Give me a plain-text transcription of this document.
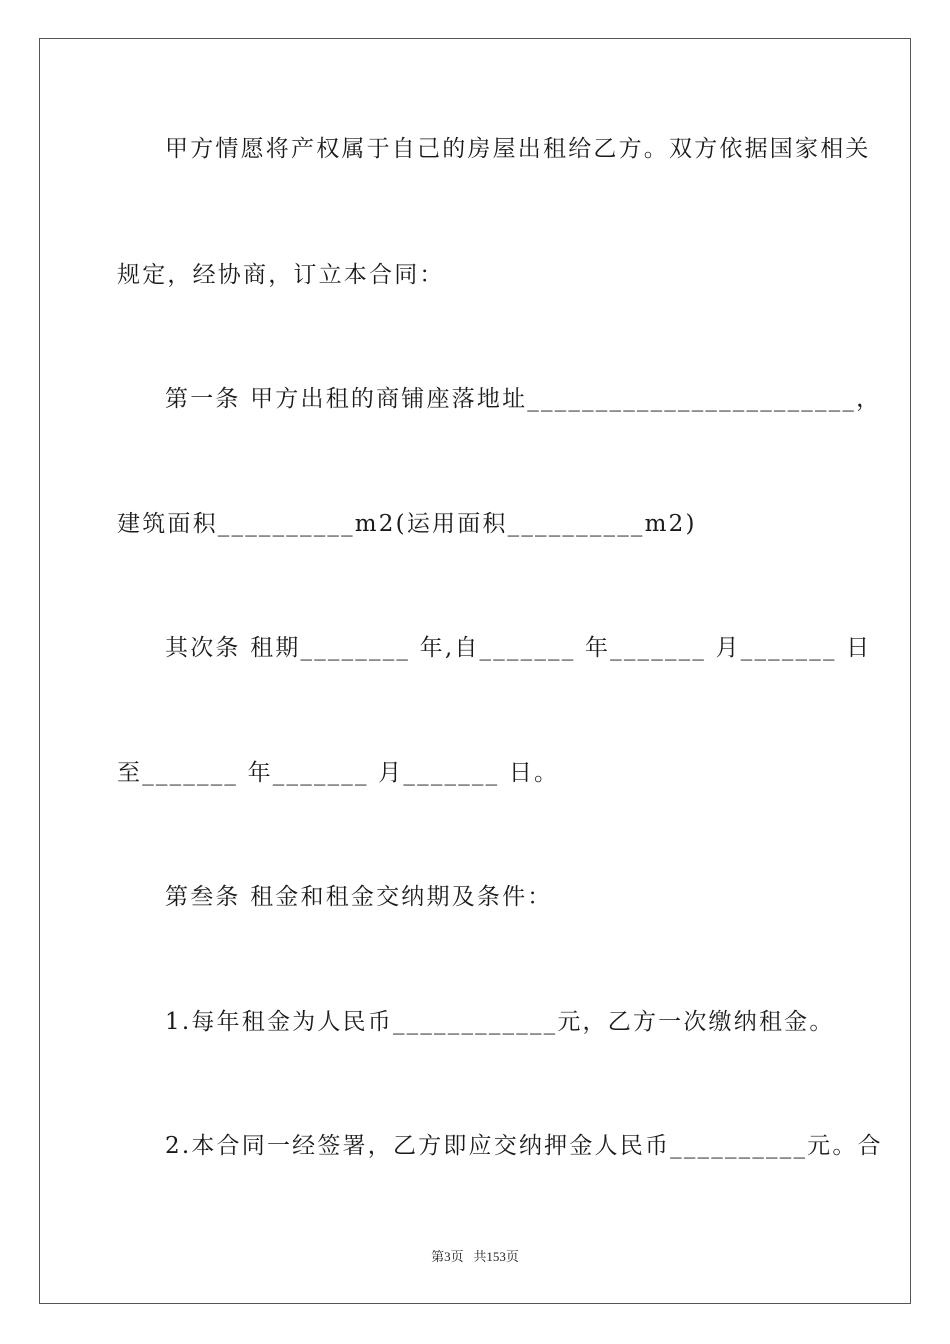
甲方情愿将产权属于自己的房屋出租给乙方。双方依据国家相关
规定，经协商，订立本合同：
第一条 甲方出租的商铺座落地址________________________，
建筑面积__________m2(运用面积__________m2)
其次条 租期________ 年,自_______ 年_______ 月_______ 日
至_______ 年_______ 月_______ 日。
第叁条 租金和租金交纳期及条件：
1.每年租金为人民币____________元，乙方一次缴纳租金。
2.本合同一经签署，乙方即应交纳押金人民币__________元。合
第3页   共153页
